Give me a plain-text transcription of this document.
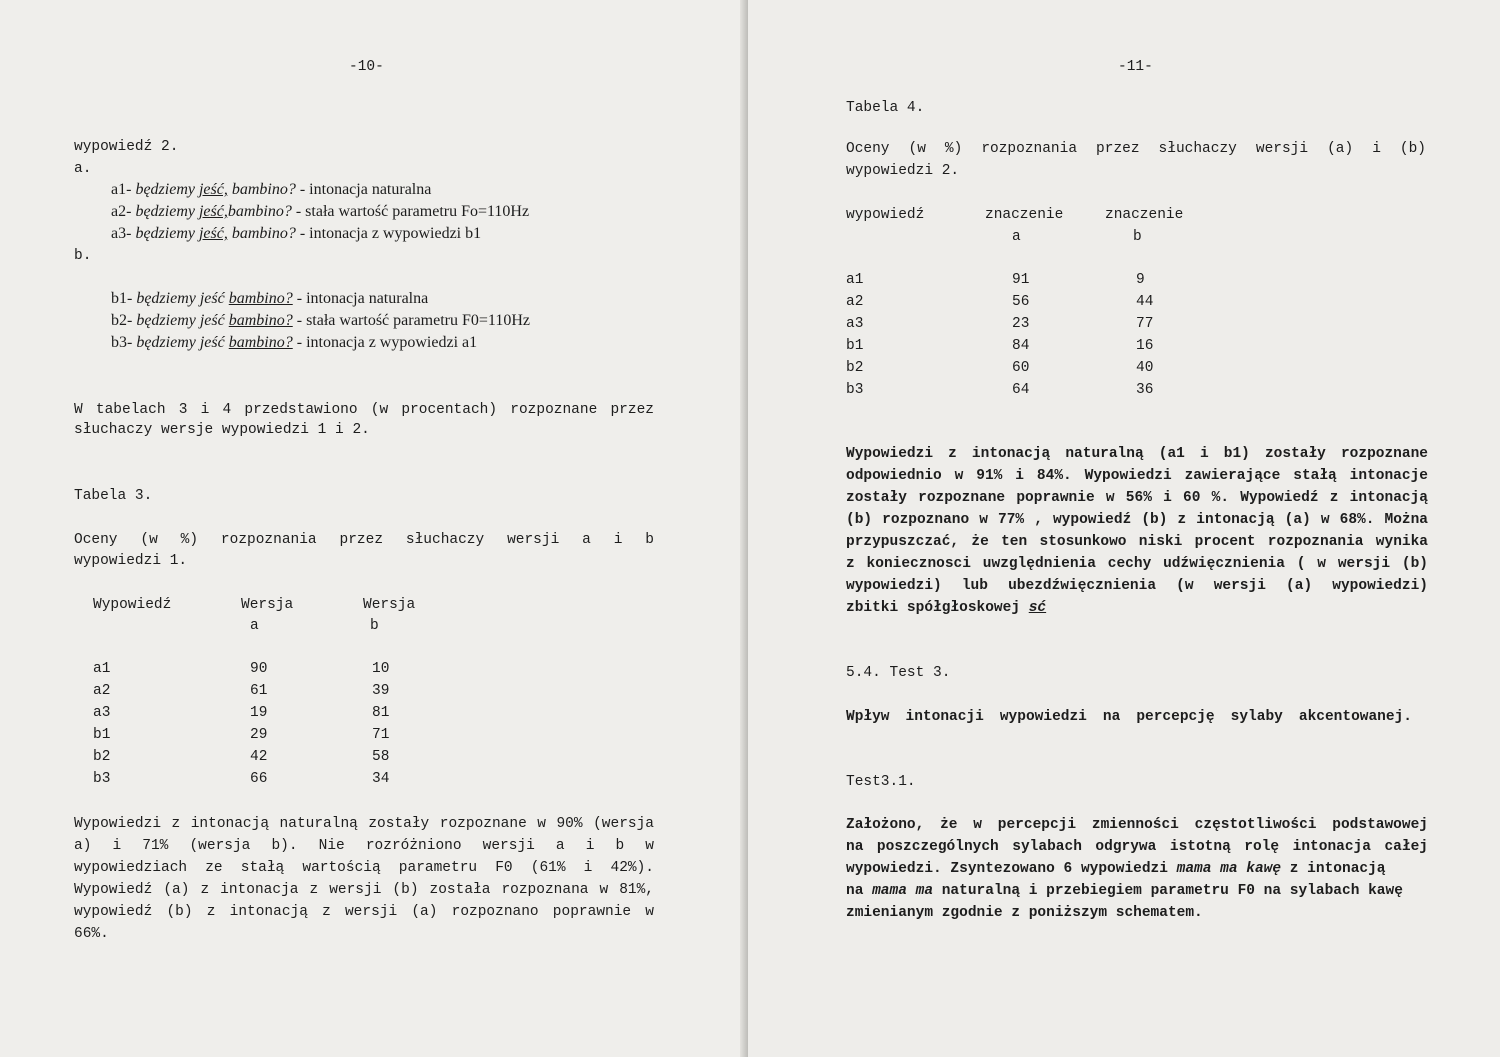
-10-
wypowiedź 2.
a.
a1- będziemy jeść, bambino? - intonacja naturalna
a2- będziemy jeść,bambino? - stała wartość parametru Fo=110Hz
a3- będziemy jeść, bambino? - intonacja z wypowiedzi b1
b.
b1- będziemy jeść bambino? - intonacja naturalna
b2- będziemy jeść bambino? - stała wartość parametru F0=110Hz
b3- będziemy jeść bambino? - intonacja z wypowiedzi a1
W tabelach 3 i 4 przedstawiono (w procentach) rozpoznane przez
słuchaczy wersje wypowiedzi 1 i 2.
Tabela 3.
Oceny (w %) rozpoznania przez słuchaczy wersji a i b
wypowiedzi 1.
Wypowiedź	Wersja	Wersja
a	b
a1	90	10
a2	61	39
a3	19	81
b1	29	71
b2	42	58
b3	66	34
Wypowiedzi z intonacją naturalną zostały rozpoznane w 90% (wersja
a) i 71% (wersja b). Nie rozróżniono wersji a i b w
wypowiedziach ze stałą wartością parametru F0 (61% i 42%).
Wypowiedź (a) z intonacja z wersji (b) została rozpoznana w 81%,
wypowiedź (b) z intonacją z wersji (a) rozpoznano poprawnie w
66%.
-11-
Tabela 4.
Oceny (w %) rozpoznania przez słuchaczy wersji (a) i (b)
wypowiedzi 2.
wypowiedź	znaczenie	znaczenie
a	b
a1	91	9
a2	56	44
a3	23	77
b1	84	16
b2	60	40
b3	64	36
Wypowiedzi z intonacją naturalną (a1 i b1) zostały rozpoznane
odpowiednio w 91% i 84%. Wypowiedzi zawierające stałą intonacje
zostały rozpoznane poprawnie w 56% i 60 %. Wypowiedź z intonacją
(b) rozpoznano w 77% , wypowiedź (b) z intonacją (a) w 68%. Można
przypuszczać, że ten stosunkowo niski procent rozpoznania wynika
z koniecznosci uwzględnienia cechy udźwięcznienia ( w wersji (b)
wypowiedzi) lub ubezdźwięcznienia (w wersji (a) wypowiedzi)
zbitki spółgłoskowej sć
5.4. Test 3.
Wpływ intonacji wypowiedzi na percepcję sylaby akcentowanej.
Test3.1.
Założono, że w percepcji zmienności częstotliwości podstawowej
na poszczególnych sylabach odgrywa istotną rolę intonacja całej
wypowiedzi. Zsyntezowano 6 wypowiedzi mama ma kawę z intonacją
na mama ma naturalną i przebiegiem parametru F0 na sylabach kawę
zmienianym zgodnie z poniższym schematem.
